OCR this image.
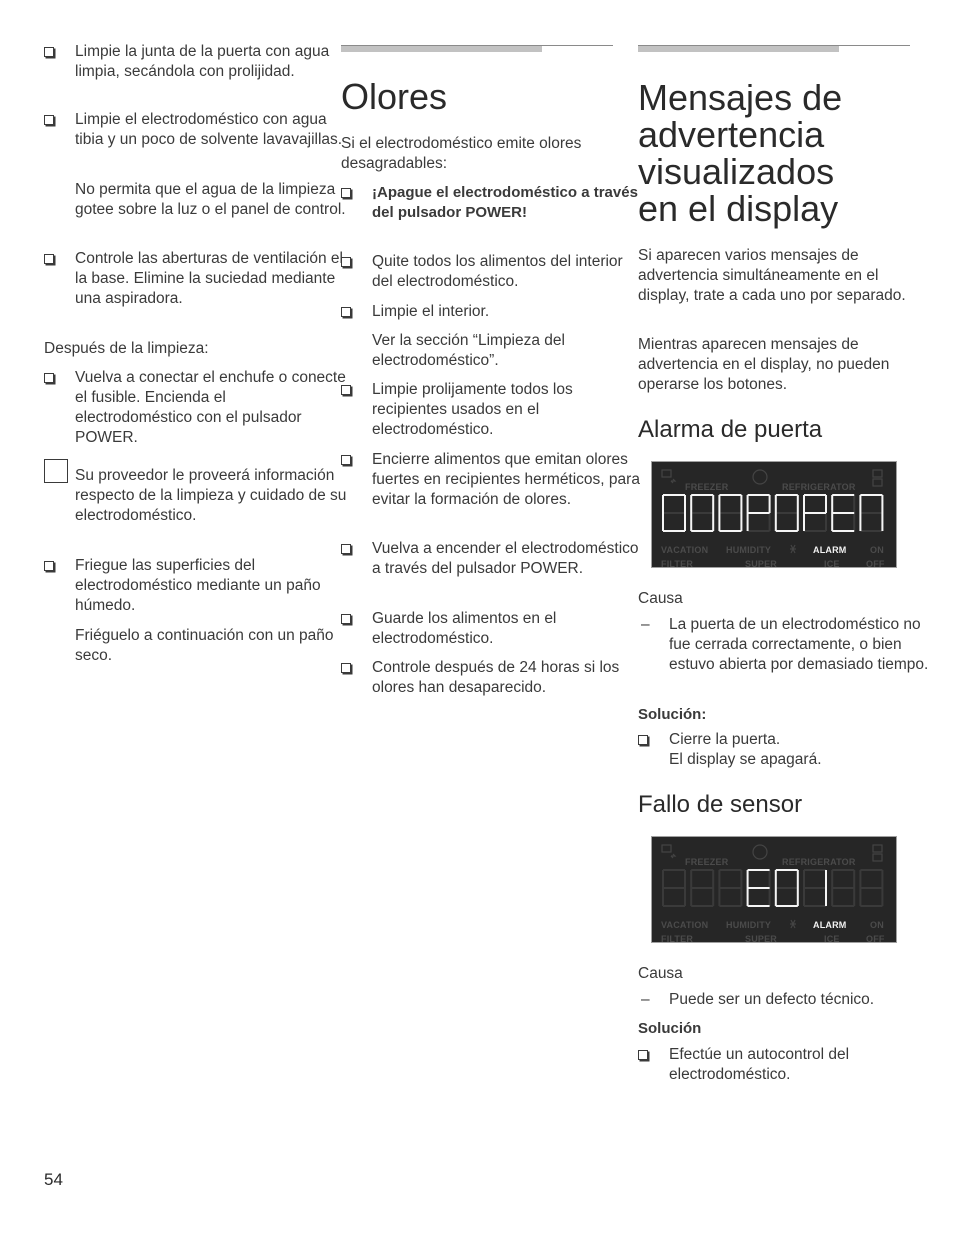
Limpie la junta de la puerta con agua limpia, secándola con prolijidad.
Limpie el electrodoméstico con agua tibia y un poco de solvente lavavajillas.
No permita que el agua de la limpieza gotee sobre la luz o el panel de control.
Controle las aberturas de ventilación el la base. Elimine la suciedad mediante una aspiradora.
Después de la limpieza:
Vuelva a conectar el enchufe o conecte el fusible. Encienda el electrodoméstico con el pulsador POWER.
Su proveedor le proveerá información respecto de la limpieza y cuidado de su electrodoméstico.
Friegue las superficies del electrodoméstico mediante un paño húmedo.
Friéguelo a continuación con un paño seco.
Olores
Si el electrodoméstico emite olores desagradables:
¡Apague el electrodoméstico a través del pulsador POWER!
Quite todos los alimentos del interior del electrodoméstico.
Limpie el interior.
Ver la sección “Limpieza del electrodoméstico”.
Limpie prolijamente todos los recipientes usados en el electrodoméstico.
Encierre alimentos que emitan olores fuertes en recipientes herméticos, para evitar la formación de olores.
Vuelva a encender el electrodoméstico a través del pulsador POWER.
Guarde los alimentos en el electrodoméstico.
Controle después de 24 horas si los olores han desaparecido.
Mensajes de advertencia visualizados en el display
Si aparecen varios mensajes de advertencia simultáneamente en el display, trate a cada uno por separado.
Mientras aparecen mensajes de advertencia en el display, no pueden operarse los botones.
Alarma de puerta
FREEZER	REFRIGERATOR
VACATION HUMIDITY	ALARM	ON
FILTER	SUPER	ICE	OFF
Causa
– La puerta de un electrodoméstico no fue cerrada correctamente, o bien estuvo abierta por demasiado tiempo.
Solución:
Cierre la puerta.
El display se apagará.
Fallo de sensor
FREEZER	REFRIGERATOR
VACATION HUMIDITY	ALARM	ON
FILTER	SUPER	ICE	OFF
Causa
– Puede ser un defecto técnico.
Solución
Efectúe un autocontrol del electrodoméstico.
54
